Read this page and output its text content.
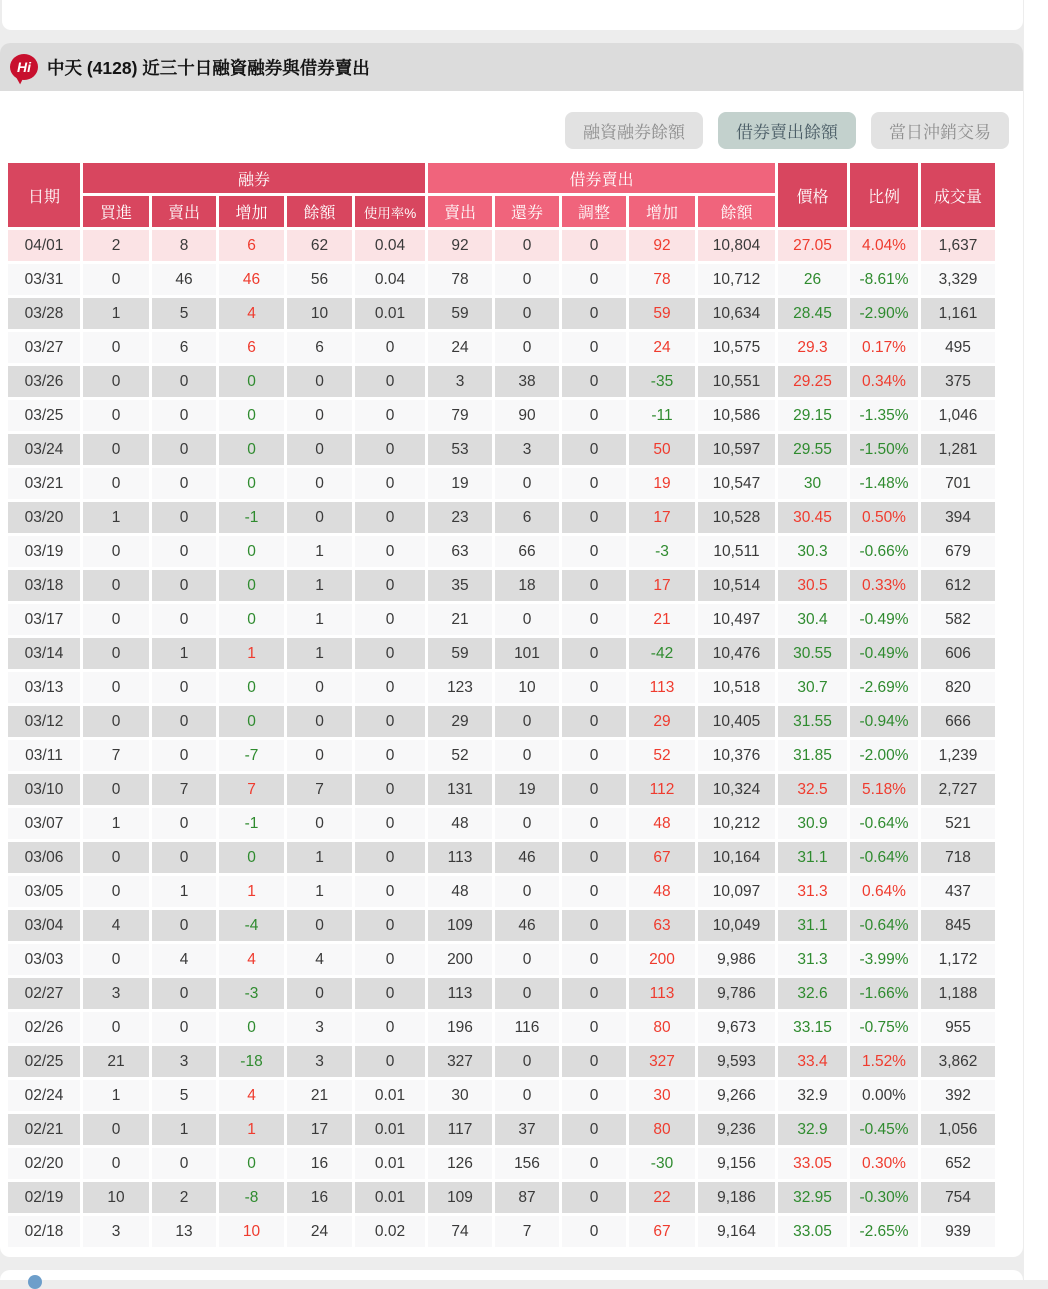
Hi 中天 (4128) 近三十日融資融券與借券賣出
融資融券餘額	借券賣出餘額	當日沖銷交易
日期	融券					借券賣出					價格	比例	成交量
	買進	賣出	增加	餘額	使用率%	賣出	還券	調整	增加	餘額			
04/01	2	8	6	62	0.04	92	0	0	92	10,804	27.05	4.04%	1,637
03/31	0	46	46	56	0.04	78	0	0	78	10,712	26	-8.61%	3,329
03/28	1	5	4	10	0.01	59	0	0	59	10,634	28.45	-2.90%	1,161
03/27	0	6	6	6	0	24	0	0	24	10,575	29.3	0.17%	495
03/26	0	0	0	0	0	3	38	0	-35	10,551	29.25	0.34%	375
03/25	0	0	0	0	0	79	90	0	-11	10,586	29.15	-1.35%	1,046
03/24	0	0	0	0	0	53	3	0	50	10,597	29.55	-1.50%	1,281
03/21	0	0	0	0	0	19	0	0	19	10,547	30	-1.48%	701
03/20	1	0	-1	0	0	23	6	0	17	10,528	30.45	0.50%	394
03/19	0	0	0	1	0	63	66	0	-3	10,511	30.3	-0.66%	679
03/18	0	0	0	1	0	35	18	0	17	10,514	30.5	0.33%	612
03/17	0	0	0	1	0	21	0	0	21	10,497	30.4	-0.49%	582
03/14	0	1	1	1	0	59	101	0	-42	10,476	30.55	-0.49%	606
03/13	0	0	0	0	0	123	10	0	113	10,518	30.7	-2.69%	820
03/12	0	0	0	0	0	29	0	0	29	10,405	31.55	-0.94%	666
03/11	7	0	-7	0	0	52	0	0	52	10,376	31.85	-2.00%	1,239
03/10	0	7	7	7	0	131	19	0	112	10,324	32.5	5.18%	2,727
03/07	1	0	-1	0	0	48	0	0	48	10,212	30.9	-0.64%	521
03/06	0	0	0	1	0	113	46	0	67	10,164	31.1	-0.64%	718
03/05	0	1	1	1	0	48	0	0	48	10,097	31.3	0.64%	437
03/04	4	0	-4	0	0	109	46	0	63	10,049	31.1	-0.64%	845
03/03	0	4	4	4	0	200	0	0	200	9,986	31.3	-3.99%	1,172
02/27	3	0	-3	0	0	113	0	0	113	9,786	32.6	-1.66%	1,188
02/26	0	0	0	3	0	196	116	0	80	9,673	33.15	-0.75%	955
02/25	21	3	-18	3	0	327	0	0	327	9,593	33.4	1.52%	3,862
02/24	1	5	4	21	0.01	30	0	0	30	9,266	32.9	0.00%	392
02/21	0	1	1	17	0.01	117	37	0	80	9,236	32.9	-0.45%	1,056
02/20	0	0	0	16	0.01	126	156	0	-30	9,156	33.05	0.30%	652
02/19	10	2	-8	16	0.01	109	87	0	22	9,186	32.95	-0.30%	754
02/18	3	13	10	24	0.02	74	7	0	67	9,164	33.05	-2.65%	939
